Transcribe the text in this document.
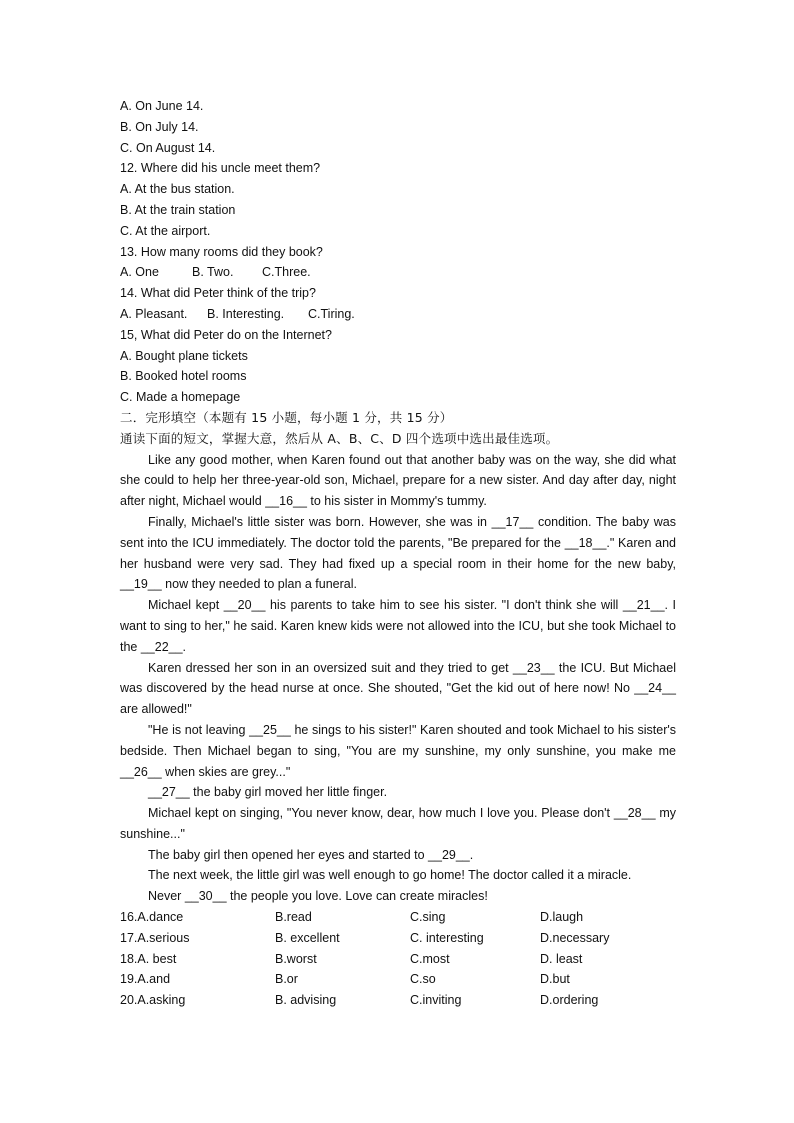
A. On June 14.
B. On July 14.
C. On August 14.
12. Where did his uncle meet them?
A. At the bus station.
B. At the train station
C. At the airport.
13. How many rooms did they book?
A. One	B. Two. C.Three.
14. What did Peter think of the trip?
A. Pleasant. B. Interesting. C.Tiring.
15, What did Peter do on the Internet?
A. Bought plane tickets
B. Booked hotel rooms
C. Made a homepage
二．完形填空（本题有 15 小题，每小题 1 分，共 15 分）
通读下面的短文，掌握大意，然后从 A、B、C、D 四个选项中选出最佳选项。

Like any good mother, when Karen found out that another baby was on the way, she did what she could to help her three-year-old son, Michael, prepare for a new sister. And day after day, night after night, Michael would __16__ to his sister in Mommy's tummy.

Finally, Michael's little sister was born. However, she was in __17__ condition. The baby was sent into the ICU immediately. The doctor told the parents, "Be prepared for the __18__." Karen and her husband were very sad. They had fixed up a special room in their home for the new baby, __19__ now they needed to plan a funeral.

Michael kept __20__ his parents to take him to see his sister. "I don't think she will __21__. I want to sing to her," he said. Karen knew kids were not allowed into the ICU, but she took Michael to the __22__.

Karen dressed her son in an oversized suit and they tried to get __23__ the ICU. But Michael was discovered by the head nurse at once. She shouted, "Get the kid out of here now! No __24__ are allowed!"

"He is not leaving __25__ he sings to his sister!" Karen shouted and took Michael to his sister's bedside. Then Michael began to sing, "You are my sunshine, my only sunshine, you make me __26__ when skies are grey..."

__27__ the baby girl moved her little finger.

Michael kept on singing, "You never know, dear, how much I love you. Please don't __28__ my sunshine..."

The baby girl then opened her eyes and started to __29__.

The next week, the little girl was well enough to go home! The doctor called it a miracle.

Never __30__ the people you love. Love can create miracles!

16.A.dance	B.read	C.sing	D.laugh
17.A.serious	B. excellent	C. interesting	D.necessary
18.A. best	B.worst	C.most	D. least
19.A.and	B.or	C.so	D.but
20.A.asking	B. advising	C.inviting	D.ordering
